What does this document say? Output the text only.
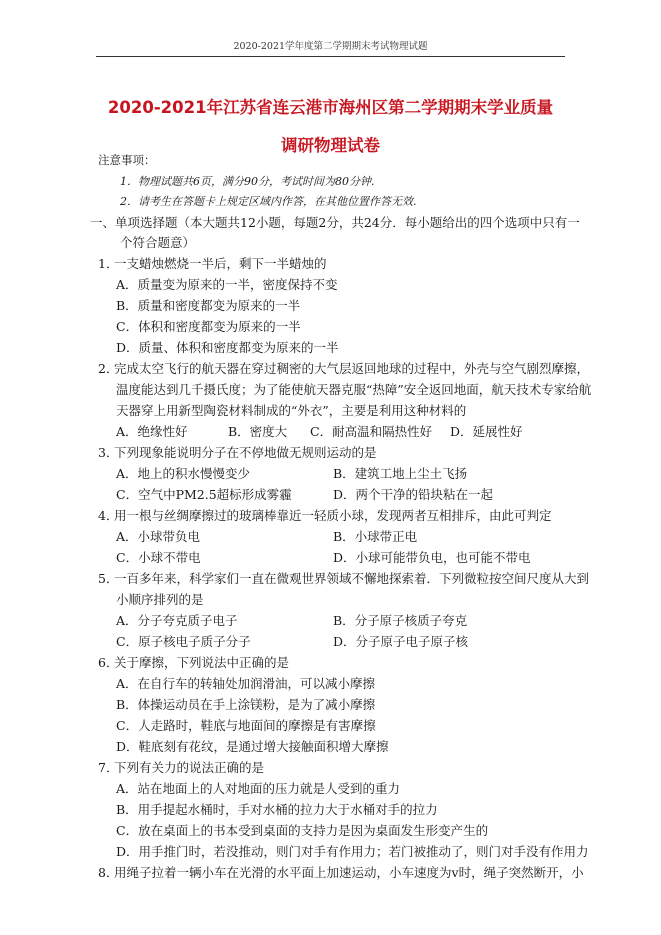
2020-2021学年度第二学期期末考试物理试题
2020-2021年江苏省连云港市海州区第二学期期末学业质量
调研物理试卷
注意事项：
1．物理试题共6页，满分90分，考试时间为80分钟.
2．请考生在答题卡上规定区域内作答，在其他位置作答无效.
一、单项选择题（本大题共12小题，每题2分，共24分．每小题给出的四个选项中只有一
个符合题意）
1．一支蜡烛燃烧一半后，剩下一半蜡烛的
A．质量变为原来的一半，密度保持不变
B．质量和密度都变为原来的一半
C．体积和密度都变为原来的一半
D．质量、体积和密度都变为原来的一半
2．完成太空飞行的航天器在穿过稠密的大气层返回地球的过程中，外壳与空气剧烈摩擦，
温度能达到几千摄氏度；为了能使航天器克服“热障”安全返回地面，航天技术专家给航
天器穿上用新型陶瓷材料制成的“外衣”，主要是利用这种材料的
A．绝缘性好	B．密度大 C．耐高温和隔热性好 D．延展性好
3．下列现象能说明分子在不停地做无规则运动的是
A．地上的积水慢慢变少	B．建筑工地上尘土飞扬
C．空气中PM2.5超标形成雾霾	D．两个干净的铅块粘在一起
4．用一根与丝绸摩擦过的玻璃棒靠近一轻质小球，发现两者互相排斥，由此可判定
A．小球带负电	B．小球带正电
C．小球不带电	D．小球可能带负电，也可能不带电
5．一百多年来，科学家们一直在微观世界领域不懈地探索着．下列微粒按空间尺度从大到
小顺序排列的是
A．分子夸克质子电子	B．分子原子核质子夸克
C．原子核电子质子分子	D．分子原子电子原子核
6．关于摩擦，下列说法中正确的是
A．在自行车的转轴处加润滑油，可以减小摩擦
B．体操运动员在手上涂镁粉，是为了减小摩擦
C．人走路时，鞋底与地面间的摩擦是有害摩擦
D．鞋底刻有花纹，是通过增大接触面积增大摩擦
7．下列有关力的说法正确的是
A．站在地面上的人对地面的压力就是人受到的重力
B．用手提起水桶时，手对水桶的拉力大于水桶对手的拉力
C．放在桌面上的书本受到桌面的支持力是因为桌面发生形变产生的
D．用手推门时，若没推动，则门对手有作用力；若门被推动了，则门对手没有作用力
8．用绳子拉着一辆小车在光滑的水平面上加速运动，小车速度为v时，绳子突然断开，小
